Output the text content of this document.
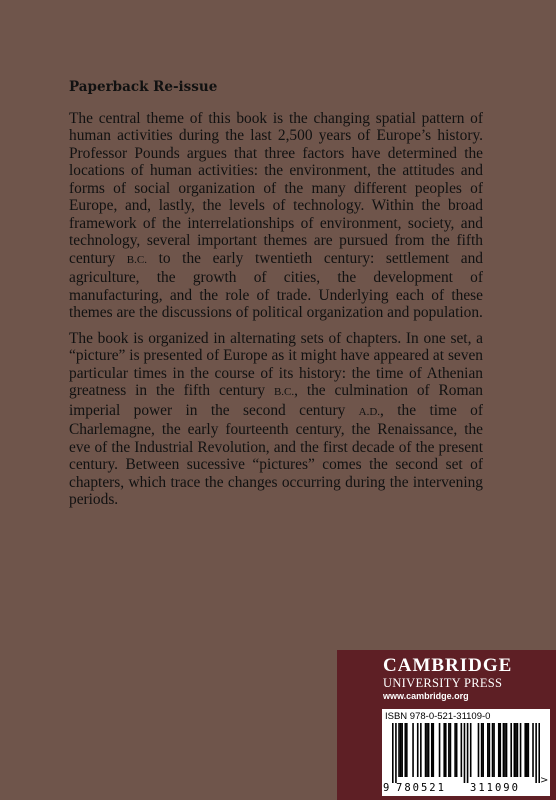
Paperback Re-issue

The central theme of this book is the changing spatial pattern of human activities during the last 2,500 years of Europe’s history. Professor Pounds argues that three factors have determined the locations of human activities: the environment, the attitudes and forms of social organization of the many different peoples of Europe, and, lastly, the levels of technology. Within the broad framework of the interrelationships of environment, society, and technology, several important themes are pursued from the fifth century B.C. to the early twentieth century: settlement and agriculture, the growth of cities, the development of manufacturing, and the role of trade. Underlying each of these themes are the discussions of political organization and population.

The book is organized in alternating sets of chapters. In one set, a “picture” is presented of Europe as it might have appeared at seven particular times in the course of its history: the time of Athenian greatness in the fifth century B.C., the culmination of Roman imperial power in the second century A.D., the time of Charlemagne, the early fourteenth century, the Renaissance, the eve of the Industrial Revolution, and the first decade of the present century. Between sucessive “pictures” comes the second set of chapters, which trace the changes occurring during the intervening periods.

CAMBRIDGE

UNIVERSITY PRESS

www.cambridge.org

ISBN 978-0-521-31109-0

9 780521 311090
>
